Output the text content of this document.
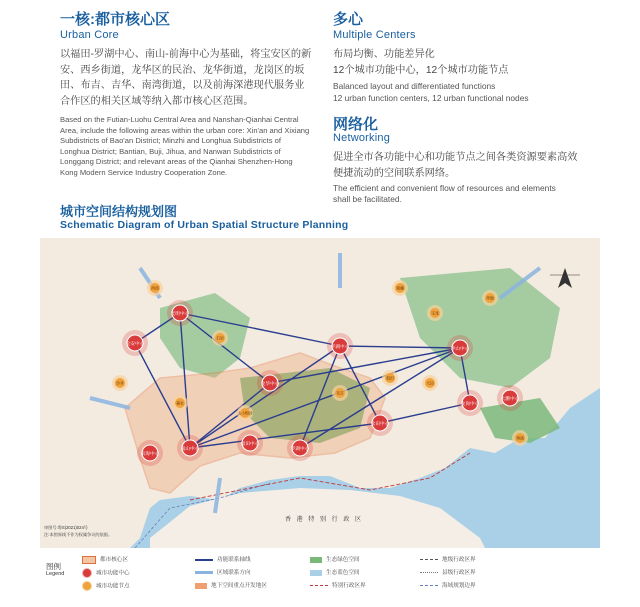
一核:都市核心区
Urban Core
以福田-罗湖中心、南山-前海中心为基础，将宝安区的新安、西乡街道，龙华区的民治、龙华街道，龙岗区的坂田、布吉、吉华、南湾街道，以及前海深港现代服务业合作区的相关区域等纳入都市核心区范围。
Based on the Futian-Luohu Central Area and Nanshan-Qianhai Central Area, include the following areas within the urban core: Xin'an and Xixiang Subdistricts of Bao'an District; Minzhi and Longhua Subdistricts of Longhua District; Bantian, Buji, Jihua, and Nanwan Subdistricts of Longgang District; and relevant areas of the Qianhai Shenzhen-Hong Kong Modern Service Industry Cooperation Zone.
多心
Multiple Centers
布局均衡、功能差异化
12个城市功能中心，12个城市功能节点
Balanced layout and differentiated functions
12 urban function centers, 12 urban functional nodes
网络化
Networking
促进全市各功能中心和功能节点之间各类资源要素高效便捷流动的空间联系网络。
The efficient and convenient flow of resources and elements shall be facilitated.
城市空间结构规划图
Schematic Diagram of Urban Spatial Structure Planning
光明中心
宝安中心
龙华中心
坪山中心
龙岗中心
平湖中心
前海中心
南山中心
福田中心
罗湖中心
盐田中心
大鹏中心
西部
沙井
石岩
福永
观澜
布吉
坂田
宝龙
坪地
葵涌
大运
大小梅沙
香 港 特 别 行 政 区
审图号:粤S(2021)024号
注:本图界线不作为权属争议的依据。
图例
Legend
都市核心区
城市功能中心
城市功能节点
功能联系轴线
区域联系方向
地下空间重点开发地区
生态绿色空间
生态蓝色空间
特别行政区界
地级行政区界
县级行政区界
海域规划边界
